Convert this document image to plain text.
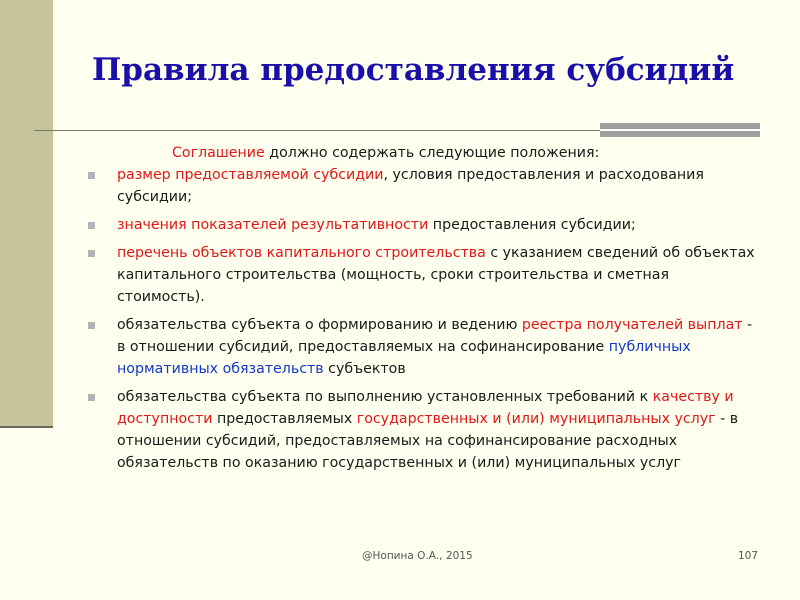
Правила предоставления субсидий

Соглашение должно содержать следующие положения:

размер предоставляемой субсидии, условия предоставления и расходования субсидии;
значения показателей результативности предоставления субсидии;
перечень объектов капитального строительства с указанием сведений об объектах капитального строительства (мощность, сроки строительства и сметная стоимость).
обязательства субъекта о формированию и ведению реестра получателей выплат - в отношении субсидий, предоставляемых на софинансирование публичных нормативных обязательств субъектов
обязательства субъекта по выполнению установленных требований к качеству и доступности предоставляемых государственных и (или) муниципальных услуг - в отношении субсидий, предоставляемых на софинансирование расходных обязательств по оказанию государственных и (или) муниципальных услуг
@Нопина О.А., 2015	107
